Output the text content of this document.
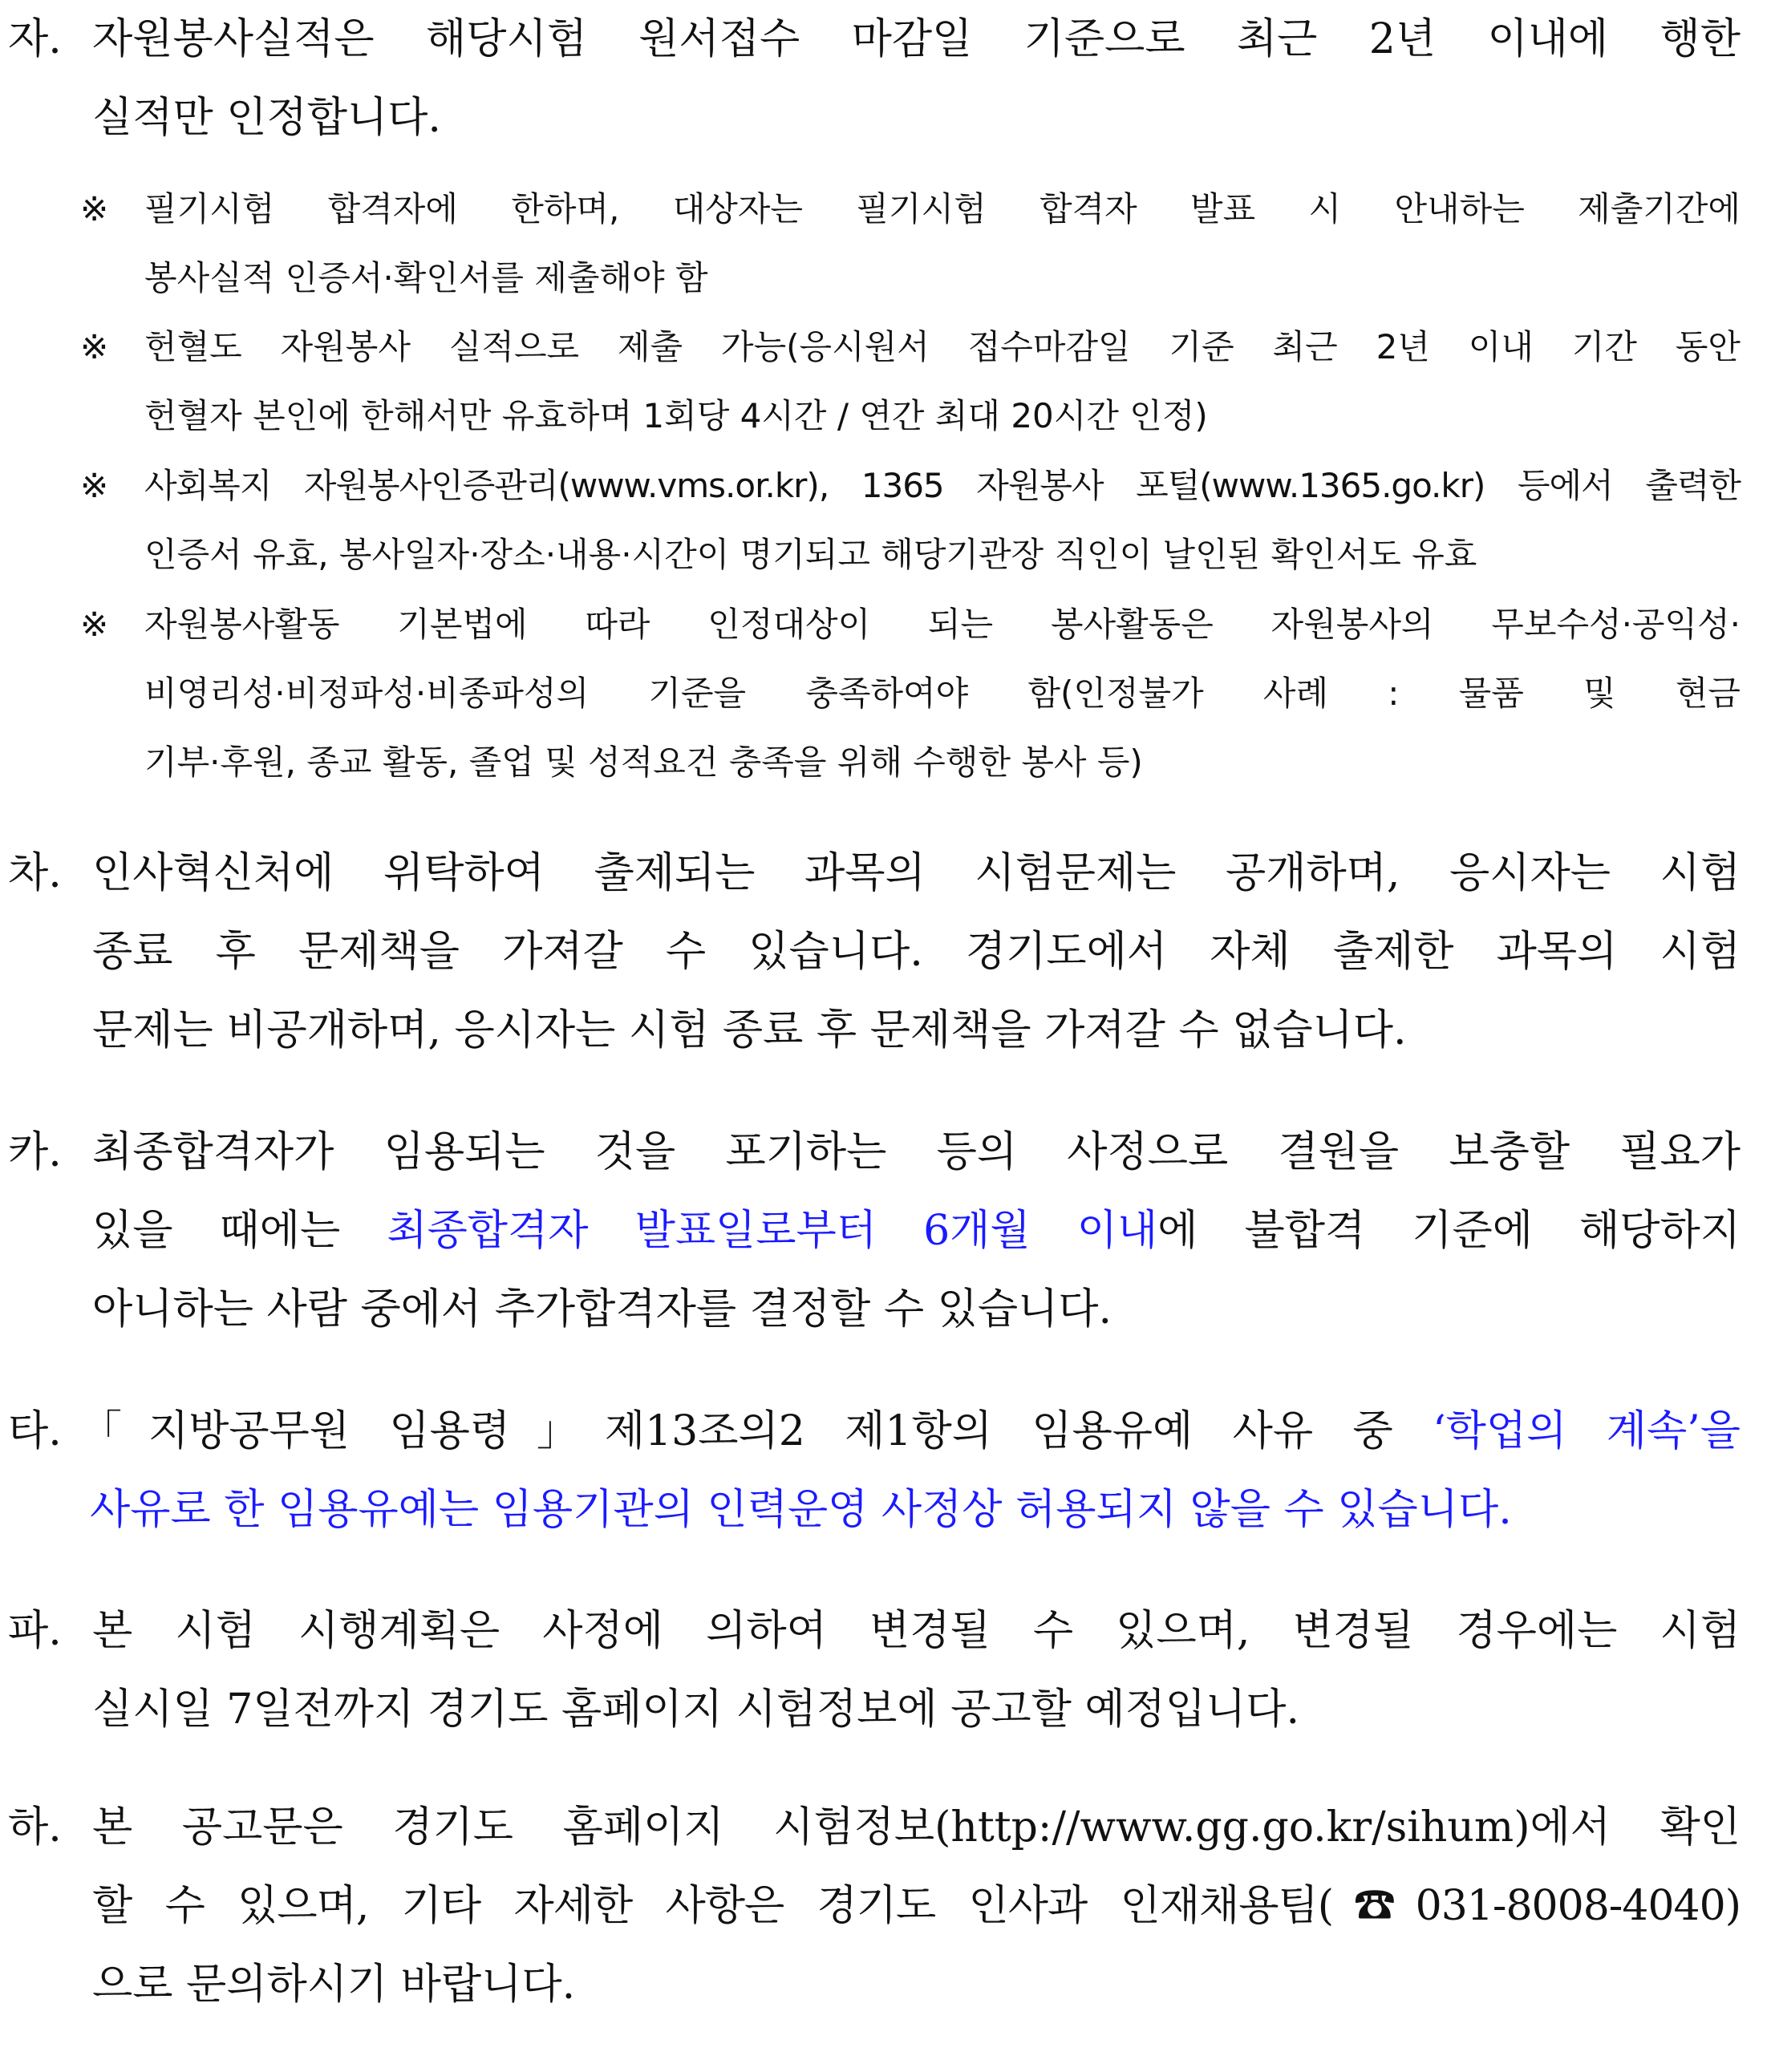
자. 자원봉사실적은 해당시험 원서접수 마감일 기준으로 최근 2년 이내에 행한
실적만 인정합니다.
※ 필기시험 합격자에 한하며, 대상자는 필기시험 합격자 발표 시 안내하는 제출기간에
봉사실적 인증서·확인서를 제출해야 함
※ 헌혈도 자원봉사 실적으로 제출 가능(응시원서 접수마감일 기준 최근 2년 이내 기간 동안
헌혈자 본인에 한해서만 유효하며 1회당 4시간 / 연간 최대 20시간 인정)
※ 사회복지 자원봉사인증관리(www.vms.or.kr), 1365 자원봉사 포털(www.1365.go.kr) 등에서 출력한
인증서 유효, 봉사일자·장소·내용·시간이 명기되고 해당기관장 직인이 날인된 확인서도 유효
※ 자원봉사활동 기본법에 따라 인정대상이 되는 봉사활동은 자원봉사의 무보수성·공익성·
비영리성·비정파성·비종파성의 기준을 충족하여야 함(인정불가 사례 : 물품 및 현금
기부·후원, 종교 활동, 졸업 및 성적요건 충족을 위해 수행한 봉사 등)
차. 인사혁신처에 위탁하여 출제되는 과목의 시험문제는 공개하며, 응시자는 시험
종료 후 문제책을 가져갈 수 있습니다. 경기도에서 자체 출제한 과목의 시험
문제는 비공개하며, 응시자는 시험 종료 후 문제책을 가져갈 수 없습니다.
카. 최종합격자가 임용되는 것을 포기하는 등의 사정으로 결원을 보충할 필요가
있을 때에는 최종합격자 발표일로부터 6개월 이내에 불합격 기준에 해당하지
아니하는 사람 중에서 추가합격자를 결정할 수 있습니다.
타. 「지방공무원 임용령」제13조의2 제1항의 임용유예 사유 중 ‘학업의 계속’을
사유로 한 임용유예는 임용기관의 인력운영 사정상 허용되지 않을 수 있습니다.
파. 본 시험 시행계획은 사정에 의하여 변경될 수 있으며, 변경될 경우에는 시험
실시일 7일전까지 경기도 홈페이지 시험정보에 공고할 예정입니다.
하. 본 공고문은 경기도 홈페이지 시험정보(http://www.gg.go.kr/sihum)에서 확인
할 수 있으며, 기타 자세한 사항은 경기도 인사과 인재채용팀(☎031-8008-4040)
으로 문의하시기 바랍니다.
